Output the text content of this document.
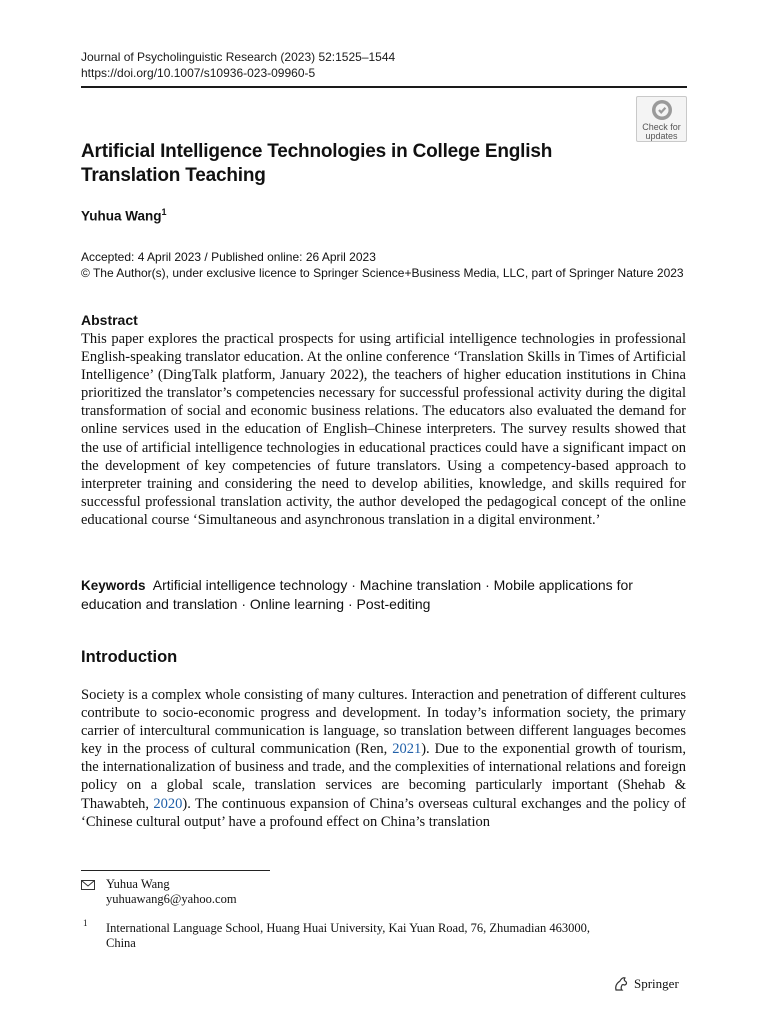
Journal of Psycholinguistic Research (2023) 52:1525–1544
https://doi.org/10.1007/s10936-023-09960-5
Check for
updates
Artificial Intelligence Technologies in College English
Translation Teaching
Yuhua Wang$^1$
Accepted: 4 April 2023 / Published online: 26 April 2023
© The Author(s), under exclusive licence to Springer Science+Business Media, LLC, part of Springer Nature 2023
Abstract
This paper explores the practical prospects for using artificial intelligence technologies in professional English-speaking translator education. At the online conference ‘Translation Skills in Times of Artificial Intelligence’ (DingTalk platform, January 2022), the teachers of higher education institutions in China prioritized the translator’s competencies necessary for successful professional activity during the digital transformation of social and economic business relations. The educators also evaluated the demand for online services used in the education of English–Chinese interpreters. The survey results showed that the use of artificial intelligence technologies in educational practices could have a significant impact on the development of key competencies of future translators. Using a competency-based approach to interpreter training and considering the need to develop abilities, knowledge, and skills required for successful professional translation activity, the author developed the pedagogical concept of the online educational course ‘Simultaneous and asynchronous translation in a digital environment.’
Keywords Artificial intelligence technology · Machine translation · Mobile applications for education and translation · Online learning · Post-editing
Introduction
Society is a complex whole consisting of many cultures. Interaction and penetration of different cultures contribute to socio-economic progress and development. In today’s information society, the primary carrier of intercultural communication is language, so translation between different languages becomes key in the process of cultural communication (Ren, 2021). Due to the exponential growth of tourism, the internationalization of business and trade, and the complexities of international relations and foreign policy on a global scale, translation services are becoming particularly important (Shehab & Thawabteh, 2020). The continuous expansion of China’s overseas cultural exchanges and the policy of ‘Chinese cultural output’ have a profound effect on China’s translation
Yuhua Wang
yuhuawang6@yahoo.com
1 International Language School, Huang Huai University, Kai Yuan Road, 76, Zhumadian 463000,
China
Springer
